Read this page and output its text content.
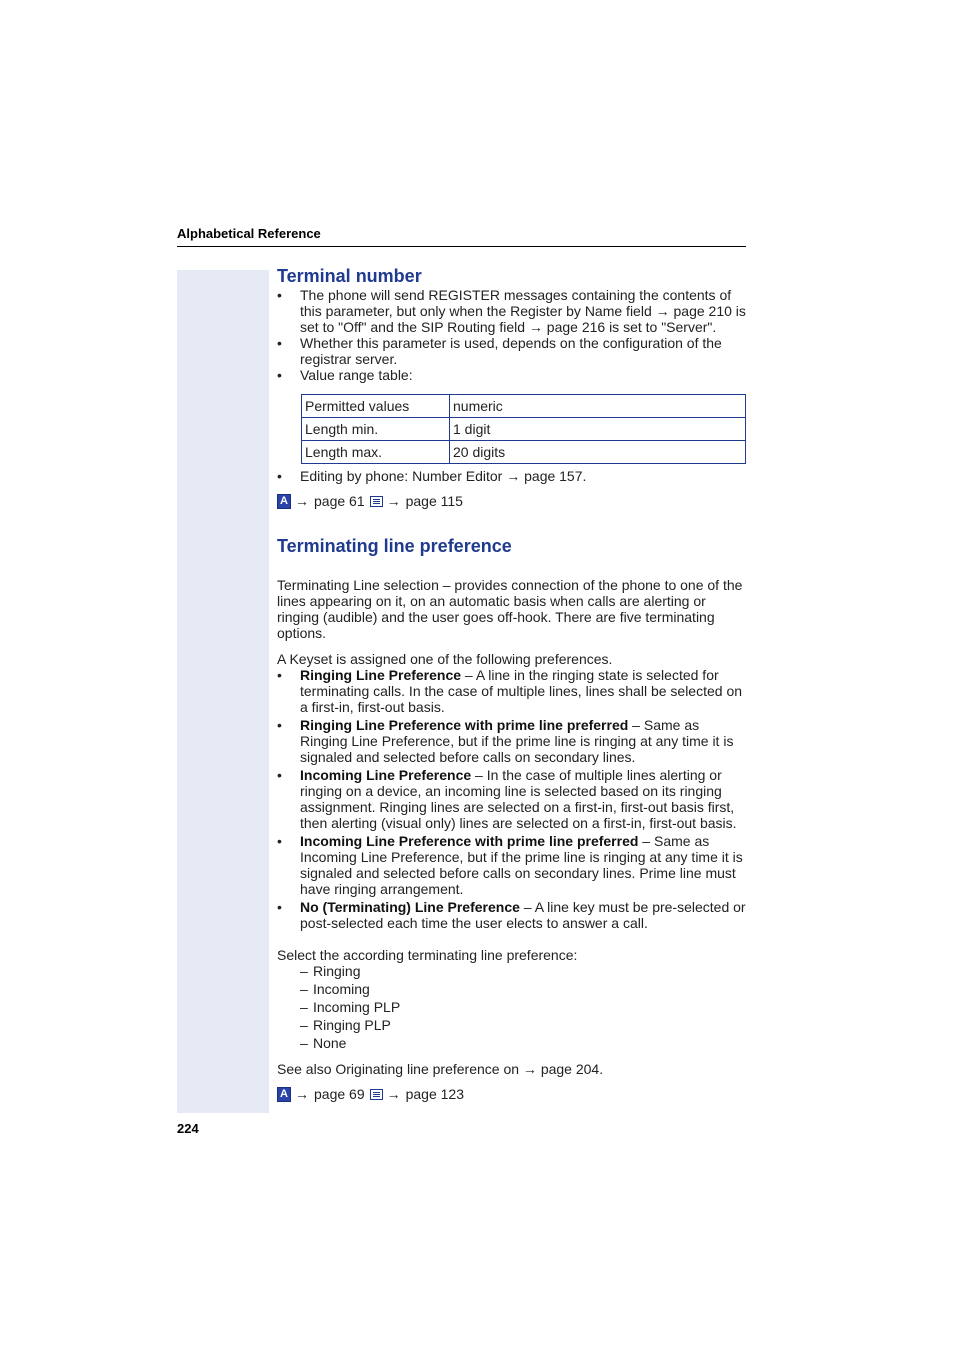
Alphabetical Reference
Terminal number
• The phone will send REGISTER messages containing the contents of this parameter, but only when the Register by Name field → page 210 is set to "Off" and the SIP Routing field → page 216 is set to "Server".
• Whether this parameter is used, depends on the configuration of the registrar server.
• Value range table:
Permitted values	numeric
Length min.	1 digit
Length max.	20 digits
• Editing by phone: Number Editor → page 157.
A → page 61 → page 115
Terminating line preference

Terminating Line selection – provides connection of the phone to one of the lines appearing on it, on an automatic basis when calls are alerting or ringing (audible) and the user goes off-hook. There are five terminating options.

A Keyset is assigned one of the following preferences.

• Ringing Line Preference – A line in the ringing state is selected for terminating calls. In the case of multiple lines, lines shall be selected on a first-in, first-out basis.
• Ringing Line Preference with prime line preferred – Same as Ringing Line Preference, but if the prime line is ringing at any time it is signaled and selected before calls on secondary lines.
• Incoming Line Preference – In the case of multiple lines alerting or ringing on a device, an incoming line is selected based on its ringing assignment. Ringing lines are selected on a first-in, first-out basis first, then alerting (visual only) lines are selected on a first-in, first-out basis.
• Incoming Line Preference with prime line preferred – Same as Incoming Line Preference, but if the prime line is ringing at any time it is signaled and selected before calls on secondary lines. Prime line must have ringing arrangement.
• No (Terminating) Line Preference – A line key must be pre-selected or post-selected each time the user elects to answer a call.

Select the according terminating line preference:

– Ringing
– Incoming
– Incoming PLP
– Ringing PLP
– None

See also Originating line preference on → page 204.

A → page 69 → page 123
224
